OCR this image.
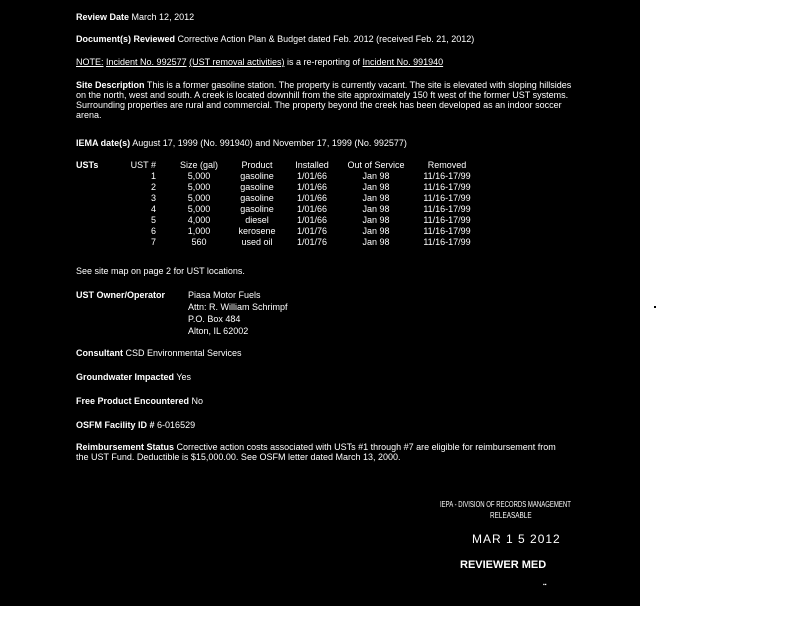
Review Date March 12, 2012
Document(s) Reviewed Corrective Action Plan & Budget dated Feb. 2012 (received Feb. 21, 2012)
NOTE: Incident No. 992577 (UST removal activities) is a re-reporting of Incident No. 991940
Site Description This is a former gasoline station. The property is currently vacant. The site is elevated with sloping hillsides on the north, west and south. A creek is located downhill from the site approximately 150 ft west of the former UST systems. Surrounding properties are rural and commercial. The property beyond the creek has been developed as an indoor soccer arena.
IEMA date(s) August 17, 1999 (No. 991940) and November 17, 1999 (No. 992577)
USTs	UST #	Size (gal)	Product	Installed	Out of Service	Removed
	1	5,000	gasoline	1/01/66	Jan 98	11/16-17/99
	2	5,000	gasoline	1/01/66	Jan 98	11/16-17/99
	3	5,000	gasoline	1/01/66	Jan 98	11/16-17/99
	4	5,000	gasoline	1/01/66	Jan 98	11/16-17/99
	5	4,000	diesel	1/01/66	Jan 98	11/16-17/99
	6	1,000	kerosene	1/01/76	Jan 98	11/16-17/99
	7	560	used oil	1/01/76	Jan 98	11/16-17/99
See site map on page 2 for UST locations.
UST Owner/Operator	Piasa Motor Fuels
Attn: R. William Schrimpf
P.O. Box 484
Alton, IL 62002
Consultant CSD Environmental Services
Groundwater Impacted Yes
Free Product Encountered No
OSFM Facility ID # 6-016529
Reimbursement Status Corrective action costs associated with USTs #1 through #7 are eligible for reimbursement from the UST Fund. Deductible is $15,000.00. See OSFM letter dated March 13, 2000.
IEPA - DIVISION OF RECORDS MANAGEMENT
RELEASABLE
MAR 1 5 2012
REVIEWER MED
▪▪
